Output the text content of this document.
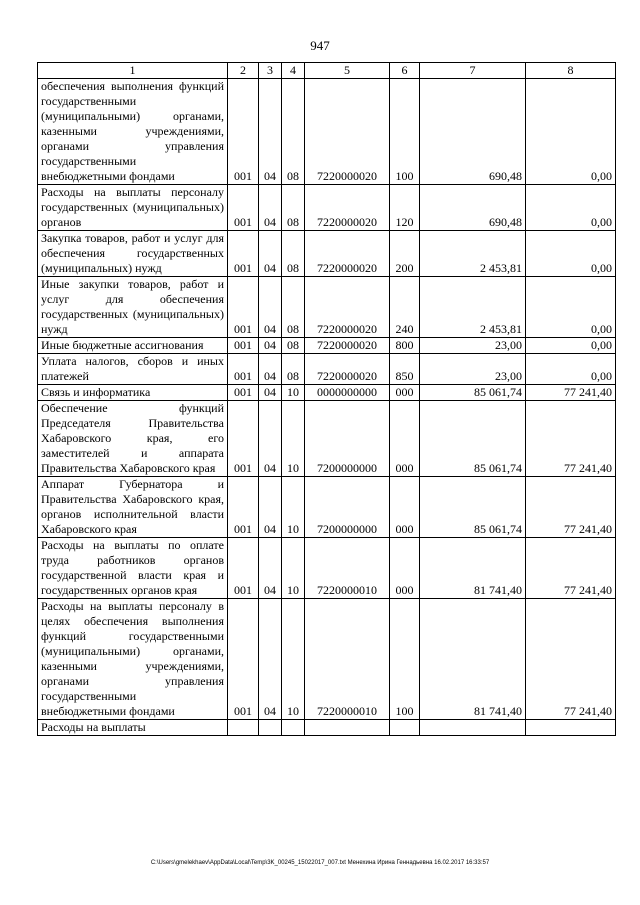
947
1	2	3	4	5	6	7	8
обеспечения выполнения функций государственными (муниципальными) органами, казенными учреждениями, органами управления государственными внебюджетными фондами	001	04	08	7220000020	100	690,48	0,00
Расходы на выплаты персоналу государственных (муниципальных) органов	001	04	08	7220000020	120	690,48	0,00
Закупка товаров, работ и услуг для обеспечения государственных (муниципальных) нужд	001	04	08	7220000020	200	2 453,81	0,00
Иные закупки товаров, работ и услуг для обеспечения государственных (муниципальных) нужд	001	04	08	7220000020	240	2 453,81	0,00
Иные бюджетные ассигнования	001	04	08	7220000020	800	23,00	0,00
Уплата налогов, сборов и иных платежей	001	04	08	7220000020	850	23,00	0,00
Связь и информатика	001	04	10	0000000000	000	85 061,74	77 241,40
Обеспечение функций Председателя Правительства Хабаровского края, его заместителей и аппарата Правительства Хабаровского края	001	04	10	7200000000	000	85 061,74	77 241,40
Аппарат Губернатора и Правительства Хабаровского края, органов исполнительной власти Хабаровского края	001	04	10	7200000000	000	85 061,74	77 241,40
Расходы на выплаты по оплате труда работников органов государственной власти края и государственных органов края	001	04	10	7220000010	000	81 741,40	77 241,40
Расходы на выплаты персоналу в целях обеспечения выполнения функций государственными (муниципальными) органами, казенными учреждениями, органами управления государственными внебюджетными фондами	001	04	10	7220000010	100	81 741,40	77 241,40
Расходы на выплаты							
C:\Users\gmelekhaev\AppData\Local\Temp\3K_00245_15022017_007.txt Менехина Ирина Геннадьевна 16.02.2017 16:33:57
